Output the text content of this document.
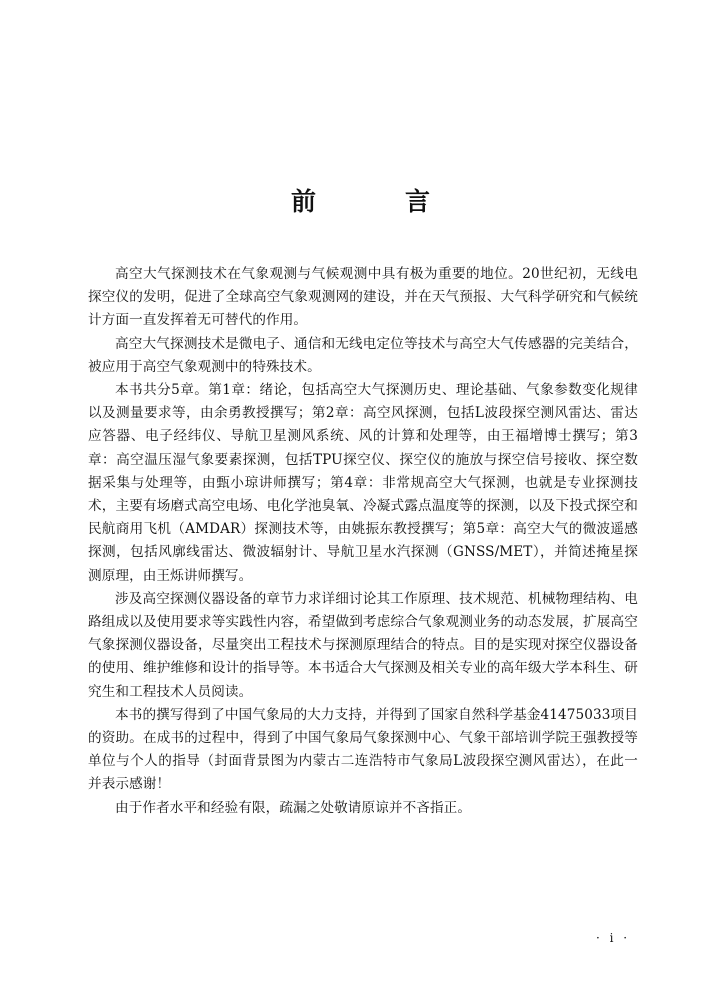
前　言

高空大气探测技术在气象观测与气候观测中具有极为重要的地位。20世纪初，无线电探空仪的发明，促进了全球高空气象观测网的建设，并在天气预报、大气科学研究和气候统计方面一直发挥着无可替代的作用。

高空大气探测技术是微电子、通信和无线电定位等技术与高空大气传感器的完美结合，被应用于高空气象观测中的特殊技术。

本书共分5章。第1章：绪论，包括高空大气探测历史、理论基础、气象参数变化规律以及测量要求等，由余勇教授撰写；第2章：高空风探测，包括L波段探空测风雷达、雷达应答器、电子经纬仪、导航卫星测风系统、风的计算和处理等，由王福增博士撰写；第3章：高空温压湿气象要素探测，包括TPU探空仪、探空仪的施放与探空信号接收、探空数据采集与处理等，由甄小琼讲师撰写；第4章：非常规高空大气探测，也就是专业探测技术，主要有场磨式高空电场、电化学池臭氧、冷凝式露点温度等的探测，以及下投式探空和民航商用飞机（AMDAR）探测技术等，由姚振东教授撰写；第5章：高空大气的微波遥感探测，包括风廓线雷达、微波辐射计、导航卫星水汽探测（GNSS/MET），并简述掩星探测原理，由王烁讲师撰写。

涉及高空探测仪器设备的章节力求详细讨论其工作原理、技术规范、机械物理结构、电路组成以及使用要求等实践性内容，希望做到考虑综合气象观测业务的动态发展，扩展高空气象探测仪器设备，尽量突出工程技术与探测原理结合的特点。目的是实现对探空仪器设备的使用、维护维修和设计的指导等。本书适合大气探测及相关专业的高年级大学本科生、研究生和工程技术人员阅读。

本书的撰写得到了中国气象局的大力支持，并得到了国家自然科学基金41475033项目的资助。在成书的过程中，得到了中国气象局气象探测中心、气象干部培训学院王强教授等单位与个人的指导（封面背景图为内蒙古二连浩特市气象局L波段探空测风雷达），在此一并表示感谢！

由于作者水平和经验有限，疏漏之处敬请原谅并不吝指正。

· i ·
